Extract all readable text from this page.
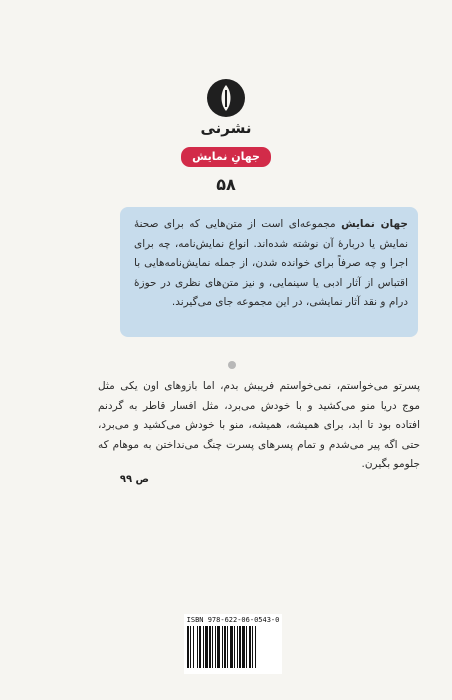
نشرنی
جهانِ نمایش
۵۸
جهان نمایش مجموعه‌ای است از متن‌هایی که برای صحنهٔ نمایش یا دربارهٔ آن نوشته شده‌اند. انواع نمایش‌نامه، چه برای اجرا و چه صرفاً برای خوانده شدن، از جمله نمایش‌نامه‌هایی با اقتباس از آثار ادبی یا سینمایی، و نیز متن‌های نظری در حوزهٔ درام و نقد آثار نمایشی، در این مجموعه جای می‌گیرند.
پسرتو می‌خواستم، نمی‌خواستم فریبش بدم، اما بازوهای اون یکی مثل موج دریا منو می‌کشید و با خودش می‌برد، مثل افسار قاطر به گردنم افتاده بود تا ابد، برای همیشه، همیشه، منو با خودش می‌کشید و می‌برد، حتی اگه پیر می‌شدم و تمام پسرهای پسرت چنگ می‌نداختن به موهام که جلومو بگیرن.
ص ۹۹
ISBN 978-622-06-0543-0
